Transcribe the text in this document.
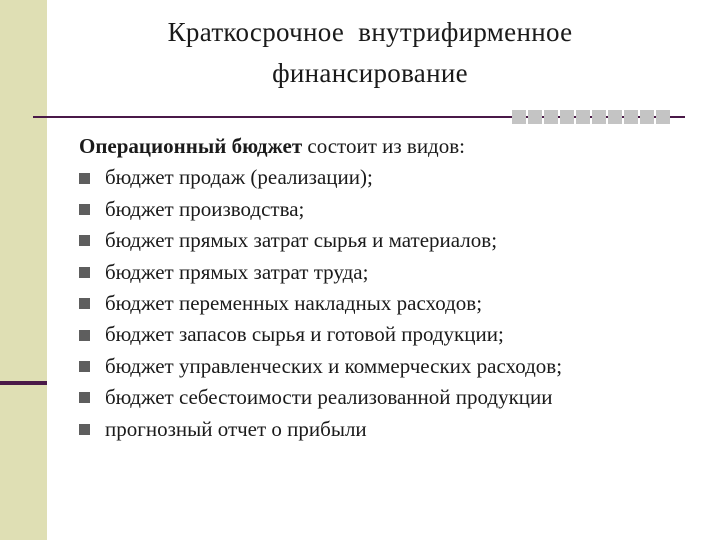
Краткосрочное  внутрифирменное
финансирование

Операционный бюджет состоит из видов:

бюджет продаж (реализации);
бюджет производства;
бюджет прямых затрат сырья и материалов;
бюджет прямых затрат труда;
бюджет переменных накладных расходов;
бюджет запасов сырья и готовой продукции;
бюджет управленческих и коммерческих расходов;
бюджет себестоимости реализованной продукции
прогнозный отчет о прибыли
